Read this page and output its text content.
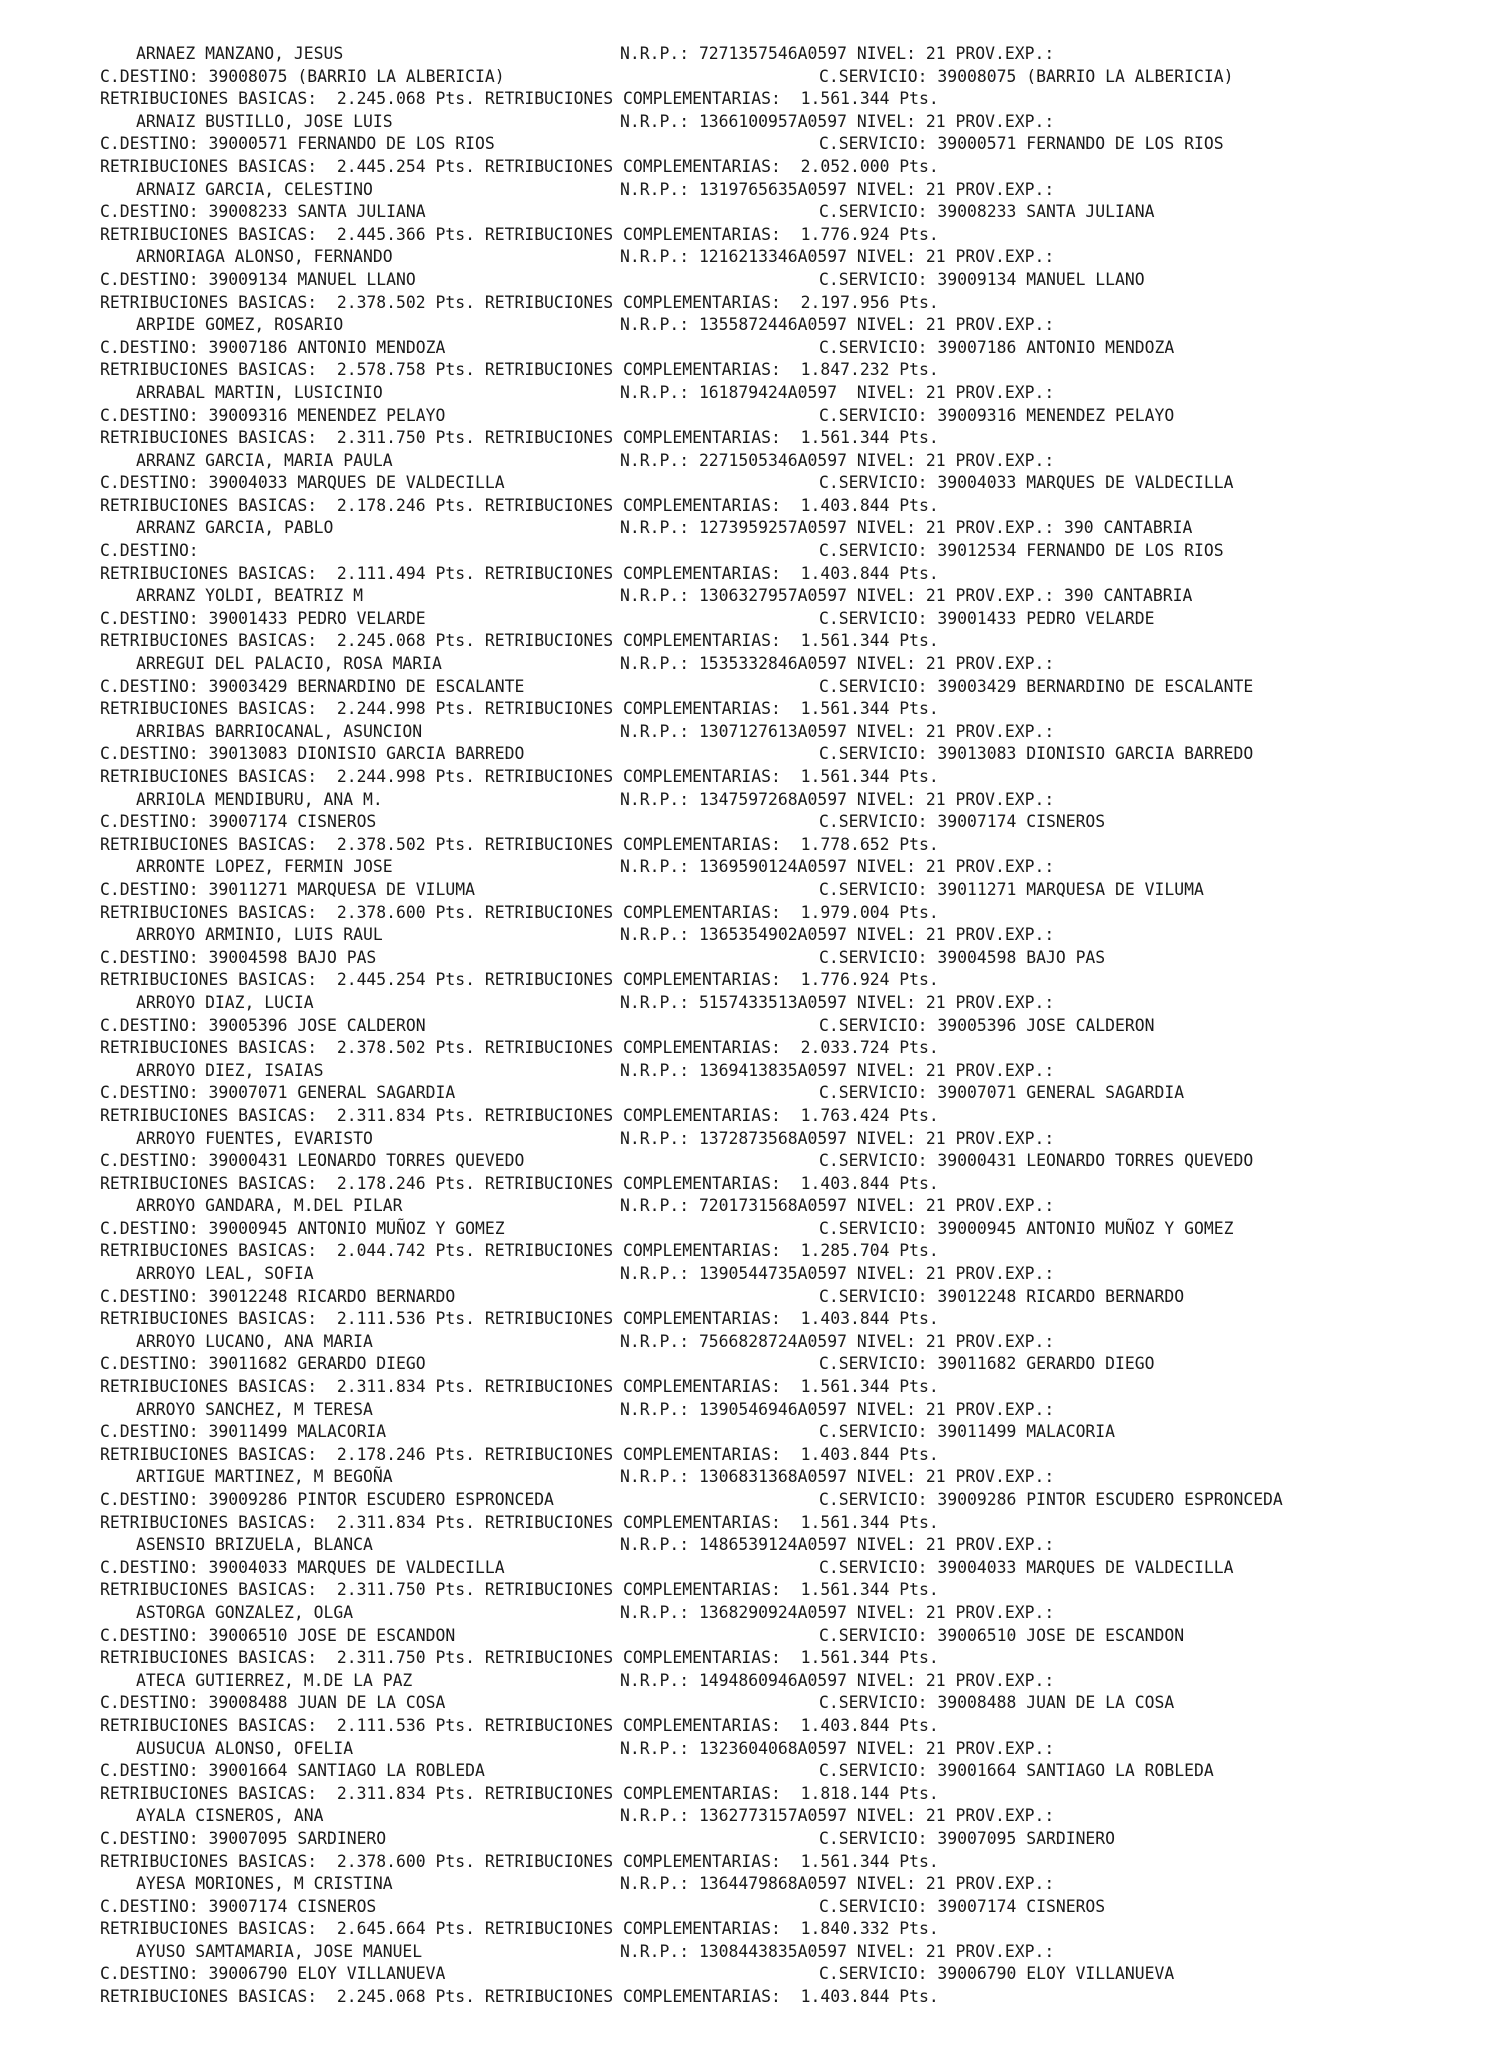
ARNAEZ MANZANO, JESUS

	N.R.P.: 7271357546A0597 NIVEL: 21 PROV.EXP.:

C.DESTINO: 39008075 (BARRIO LA ALBERICIA)

	C.SERVICIO: 39008075 (BARRIO LA ALBERICIA)

RETRIBUCIONES BASICAS:  2.245.068 Pts. RETRIBUCIONES COMPLEMENTARIAS:  1.561.344 Pts.

ARNAIZ BUSTILLO, JOSE LUIS

	N.R.P.: 1366100957A0597 NIVEL: 21 PROV.EXP.:

C.DESTINO: 39000571 FERNANDO DE LOS RIOS

	C.SERVICIO: 39000571 FERNANDO DE LOS RIOS

RETRIBUCIONES BASICAS:  2.445.254 Pts. RETRIBUCIONES COMPLEMENTARIAS:  2.052.000 Pts.

ARNAIZ GARCIA, CELESTINO

	N.R.P.: 1319765635A0597 NIVEL: 21 PROV.EXP.:

C.DESTINO: 39008233 SANTA JULIANA

	C.SERVICIO: 39008233 SANTA JULIANA

RETRIBUCIONES BASICAS:  2.445.366 Pts. RETRIBUCIONES COMPLEMENTARIAS:  1.776.924 Pts.

ARNORIAGA ALONSO, FERNANDO

	N.R.P.: 1216213346A0597 NIVEL: 21 PROV.EXP.:

C.DESTINO: 39009134 MANUEL LLANO

	C.SERVICIO: 39009134 MANUEL LLANO

RETRIBUCIONES BASICAS:  2.378.502 Pts. RETRIBUCIONES COMPLEMENTARIAS:  2.197.956 Pts.

ARPIDE GOMEZ, ROSARIO

	N.R.P.: 1355872446A0597 NIVEL: 21 PROV.EXP.:

C.DESTINO: 39007186 ANTONIO MENDOZA

	C.SERVICIO: 39007186 ANTONIO MENDOZA

RETRIBUCIONES BASICAS:  2.578.758 Pts. RETRIBUCIONES COMPLEMENTARIAS:  1.847.232 Pts.

ARRABAL MARTIN, LUSICINIO

	N.R.P.: 161879424A0597  NIVEL: 21 PROV.EXP.:

C.DESTINO: 39009316 MENENDEZ PELAYO

	C.SERVICIO: 39009316 MENENDEZ PELAYO

RETRIBUCIONES BASICAS:  2.311.750 Pts. RETRIBUCIONES COMPLEMENTARIAS:  1.561.344 Pts.

ARRANZ GARCIA, MARIA PAULA

	N.R.P.: 2271505346A0597 NIVEL: 21 PROV.EXP.:

C.DESTINO: 39004033 MARQUES DE VALDECILLA

	C.SERVICIO: 39004033 MARQUES DE VALDECILLA

RETRIBUCIONES BASICAS:  2.178.246 Pts. RETRIBUCIONES COMPLEMENTARIAS:  1.403.844 Pts.

ARRANZ GARCIA, PABLO

	N.R.P.: 1273959257A0597 NIVEL: 21 PROV.EXP.: 390 CANTABRIA

C.DESTINO:

	C.SERVICIO: 39012534 FERNANDO DE LOS RIOS

RETRIBUCIONES BASICAS:  2.111.494 Pts. RETRIBUCIONES COMPLEMENTARIAS:  1.403.844 Pts.

ARRANZ YOLDI, BEATRIZ M

	N.R.P.: 1306327957A0597 NIVEL: 21 PROV.EXP.: 390 CANTABRIA

C.DESTINO: 39001433 PEDRO VELARDE

	C.SERVICIO: 39001433 PEDRO VELARDE

RETRIBUCIONES BASICAS:  2.245.068 Pts. RETRIBUCIONES COMPLEMENTARIAS:  1.561.344 Pts.

ARREGUI DEL PALACIO, ROSA MARIA

	N.R.P.: 1535332846A0597 NIVEL: 21 PROV.EXP.:

C.DESTINO: 39003429 BERNARDINO DE ESCALANTE

	C.SERVICIO: 39003429 BERNARDINO DE ESCALANTE

RETRIBUCIONES BASICAS:  2.244.998 Pts. RETRIBUCIONES COMPLEMENTARIAS:  1.561.344 Pts.

ARRIBAS BARRIOCANAL, ASUNCION

	N.R.P.: 1307127613A0597 NIVEL: 21 PROV.EXP.:

C.DESTINO: 39013083 DIONISIO GARCIA BARREDO

	C.SERVICIO: 39013083 DIONISIO GARCIA BARREDO

RETRIBUCIONES BASICAS:  2.244.998 Pts. RETRIBUCIONES COMPLEMENTARIAS:  1.561.344 Pts.

ARRIOLA MENDIBURU, ANA M.

	N.R.P.: 1347597268A0597 NIVEL: 21 PROV.EXP.:

C.DESTINO: 39007174 CISNEROS

	C.SERVICIO: 39007174 CISNEROS

RETRIBUCIONES BASICAS:  2.378.502 Pts. RETRIBUCIONES COMPLEMENTARIAS:  1.778.652 Pts.

ARRONTE LOPEZ, FERMIN JOSE

	N.R.P.: 1369590124A0597 NIVEL: 21 PROV.EXP.:

C.DESTINO: 39011271 MARQUESA DE VILUMA

	C.SERVICIO: 39011271 MARQUESA DE VILUMA

RETRIBUCIONES BASICAS:  2.378.600 Pts. RETRIBUCIONES COMPLEMENTARIAS:  1.979.004 Pts.

ARROYO ARMINIO, LUIS RAUL

	N.R.P.: 1365354902A0597 NIVEL: 21 PROV.EXP.:

C.DESTINO: 39004598 BAJO PAS

	C.SERVICIO: 39004598 BAJO PAS

RETRIBUCIONES BASICAS:  2.445.254 Pts. RETRIBUCIONES COMPLEMENTARIAS:  1.776.924 Pts.

ARROYO DIAZ, LUCIA

	N.R.P.: 5157433513A0597 NIVEL: 21 PROV.EXP.:

C.DESTINO: 39005396 JOSE CALDERON

	C.SERVICIO: 39005396 JOSE CALDERON

RETRIBUCIONES BASICAS:  2.378.502 Pts. RETRIBUCIONES COMPLEMENTARIAS:  2.033.724 Pts.

ARROYO DIEZ, ISAIAS

	N.R.P.: 1369413835A0597 NIVEL: 21 PROV.EXP.:

C.DESTINO: 39007071 GENERAL SAGARDIA

	C.SERVICIO: 39007071 GENERAL SAGARDIA

RETRIBUCIONES BASICAS:  2.311.834 Pts. RETRIBUCIONES COMPLEMENTARIAS:  1.763.424 Pts.

ARROYO FUENTES, EVARISTO

	N.R.P.: 1372873568A0597 NIVEL: 21 PROV.EXP.:

C.DESTINO: 39000431 LEONARDO TORRES QUEVEDO

	C.SERVICIO: 39000431 LEONARDO TORRES QUEVEDO

RETRIBUCIONES BASICAS:  2.178.246 Pts. RETRIBUCIONES COMPLEMENTARIAS:  1.403.844 Pts.

ARROYO GANDARA, M.DEL PILAR

	N.R.P.: 7201731568A0597 NIVEL: 21 PROV.EXP.:

C.DESTINO: 39000945 ANTONIO MUÑOZ Y GOMEZ

	C.SERVICIO: 39000945 ANTONIO MUÑOZ Y GOMEZ

RETRIBUCIONES BASICAS:  2.044.742 Pts. RETRIBUCIONES COMPLEMENTARIAS:  1.285.704 Pts.

ARROYO LEAL, SOFIA

	N.R.P.: 1390544735A0597 NIVEL: 21 PROV.EXP.:

C.DESTINO: 39012248 RICARDO BERNARDO

	C.SERVICIO: 39012248 RICARDO BERNARDO

RETRIBUCIONES BASICAS:  2.111.536 Pts. RETRIBUCIONES COMPLEMENTARIAS:  1.403.844 Pts.

ARROYO LUCANO, ANA MARIA

	N.R.P.: 7566828724A0597 NIVEL: 21 PROV.EXP.:

C.DESTINO: 39011682 GERARDO DIEGO

	C.SERVICIO: 39011682 GERARDO DIEGO

RETRIBUCIONES BASICAS:  2.311.834 Pts. RETRIBUCIONES COMPLEMENTARIAS:  1.561.344 Pts.

ARROYO SANCHEZ, M TERESA

	N.R.P.: 1390546946A0597 NIVEL: 21 PROV.EXP.:

C.DESTINO: 39011499 MALACORIA

	C.SERVICIO: 39011499 MALACORIA

RETRIBUCIONES BASICAS:  2.178.246 Pts. RETRIBUCIONES COMPLEMENTARIAS:  1.403.844 Pts.

ARTIGUE MARTINEZ, M BEGOÑA

	N.R.P.: 1306831368A0597 NIVEL: 21 PROV.EXP.:

C.DESTINO: 39009286 PINTOR ESCUDERO ESPRONCEDA

	C.SERVICIO: 39009286 PINTOR ESCUDERO ESPRONCEDA

RETRIBUCIONES BASICAS:  2.311.834 Pts. RETRIBUCIONES COMPLEMENTARIAS:  1.561.344 Pts.

ASENSIO BRIZUELA, BLANCA

	N.R.P.: 1486539124A0597 NIVEL: 21 PROV.EXP.:

C.DESTINO: 39004033 MARQUES DE VALDECILLA

	C.SERVICIO: 39004033 MARQUES DE VALDECILLA

RETRIBUCIONES BASICAS:  2.311.750 Pts. RETRIBUCIONES COMPLEMENTARIAS:  1.561.344 Pts.

ASTORGA GONZALEZ, OLGA

	N.R.P.: 1368290924A0597 NIVEL: 21 PROV.EXP.:

C.DESTINO: 39006510 JOSE DE ESCANDON

	C.SERVICIO: 39006510 JOSE DE ESCANDON

RETRIBUCIONES BASICAS:  2.311.750 Pts. RETRIBUCIONES COMPLEMENTARIAS:  1.561.344 Pts.

ATECA GUTIERREZ, M.DE LA PAZ

	N.R.P.: 1494860946A0597 NIVEL: 21 PROV.EXP.:

C.DESTINO: 39008488 JUAN DE LA COSA

	C.SERVICIO: 39008488 JUAN DE LA COSA

RETRIBUCIONES BASICAS:  2.111.536 Pts. RETRIBUCIONES COMPLEMENTARIAS:  1.403.844 Pts.

AUSUCUA ALONSO, OFELIA

	N.R.P.: 1323604068A0597 NIVEL: 21 PROV.EXP.:

C.DESTINO: 39001664 SANTIAGO LA ROBLEDA

	C.SERVICIO: 39001664 SANTIAGO LA ROBLEDA

RETRIBUCIONES BASICAS:  2.311.834 Pts. RETRIBUCIONES COMPLEMENTARIAS:  1.818.144 Pts.

AYALA CISNEROS, ANA

	N.R.P.: 1362773157A0597 NIVEL: 21 PROV.EXP.:

C.DESTINO: 39007095 SARDINERO

	C.SERVICIO: 39007095 SARDINERO

RETRIBUCIONES BASICAS:  2.378.600 Pts. RETRIBUCIONES COMPLEMENTARIAS:  1.561.344 Pts.

AYESA MORIONES, M CRISTINA

	N.R.P.: 1364479868A0597 NIVEL: 21 PROV.EXP.:

C.DESTINO: 39007174 CISNEROS

	C.SERVICIO: 39007174 CISNEROS

RETRIBUCIONES BASICAS:  2.645.664 Pts. RETRIBUCIONES COMPLEMENTARIAS:  1.840.332 Pts.

AYUSO SAMTAMARIA, JOSE MANUEL

	N.R.P.: 1308443835A0597 NIVEL: 21 PROV.EXP.:

C.DESTINO: 39006790 ELOY VILLANUEVA

	C.SERVICIO: 39006790 ELOY VILLANUEVA

RETRIBUCIONES BASICAS:  2.245.068 Pts. RETRIBUCIONES COMPLEMENTARIAS:  1.403.844 Pts.
